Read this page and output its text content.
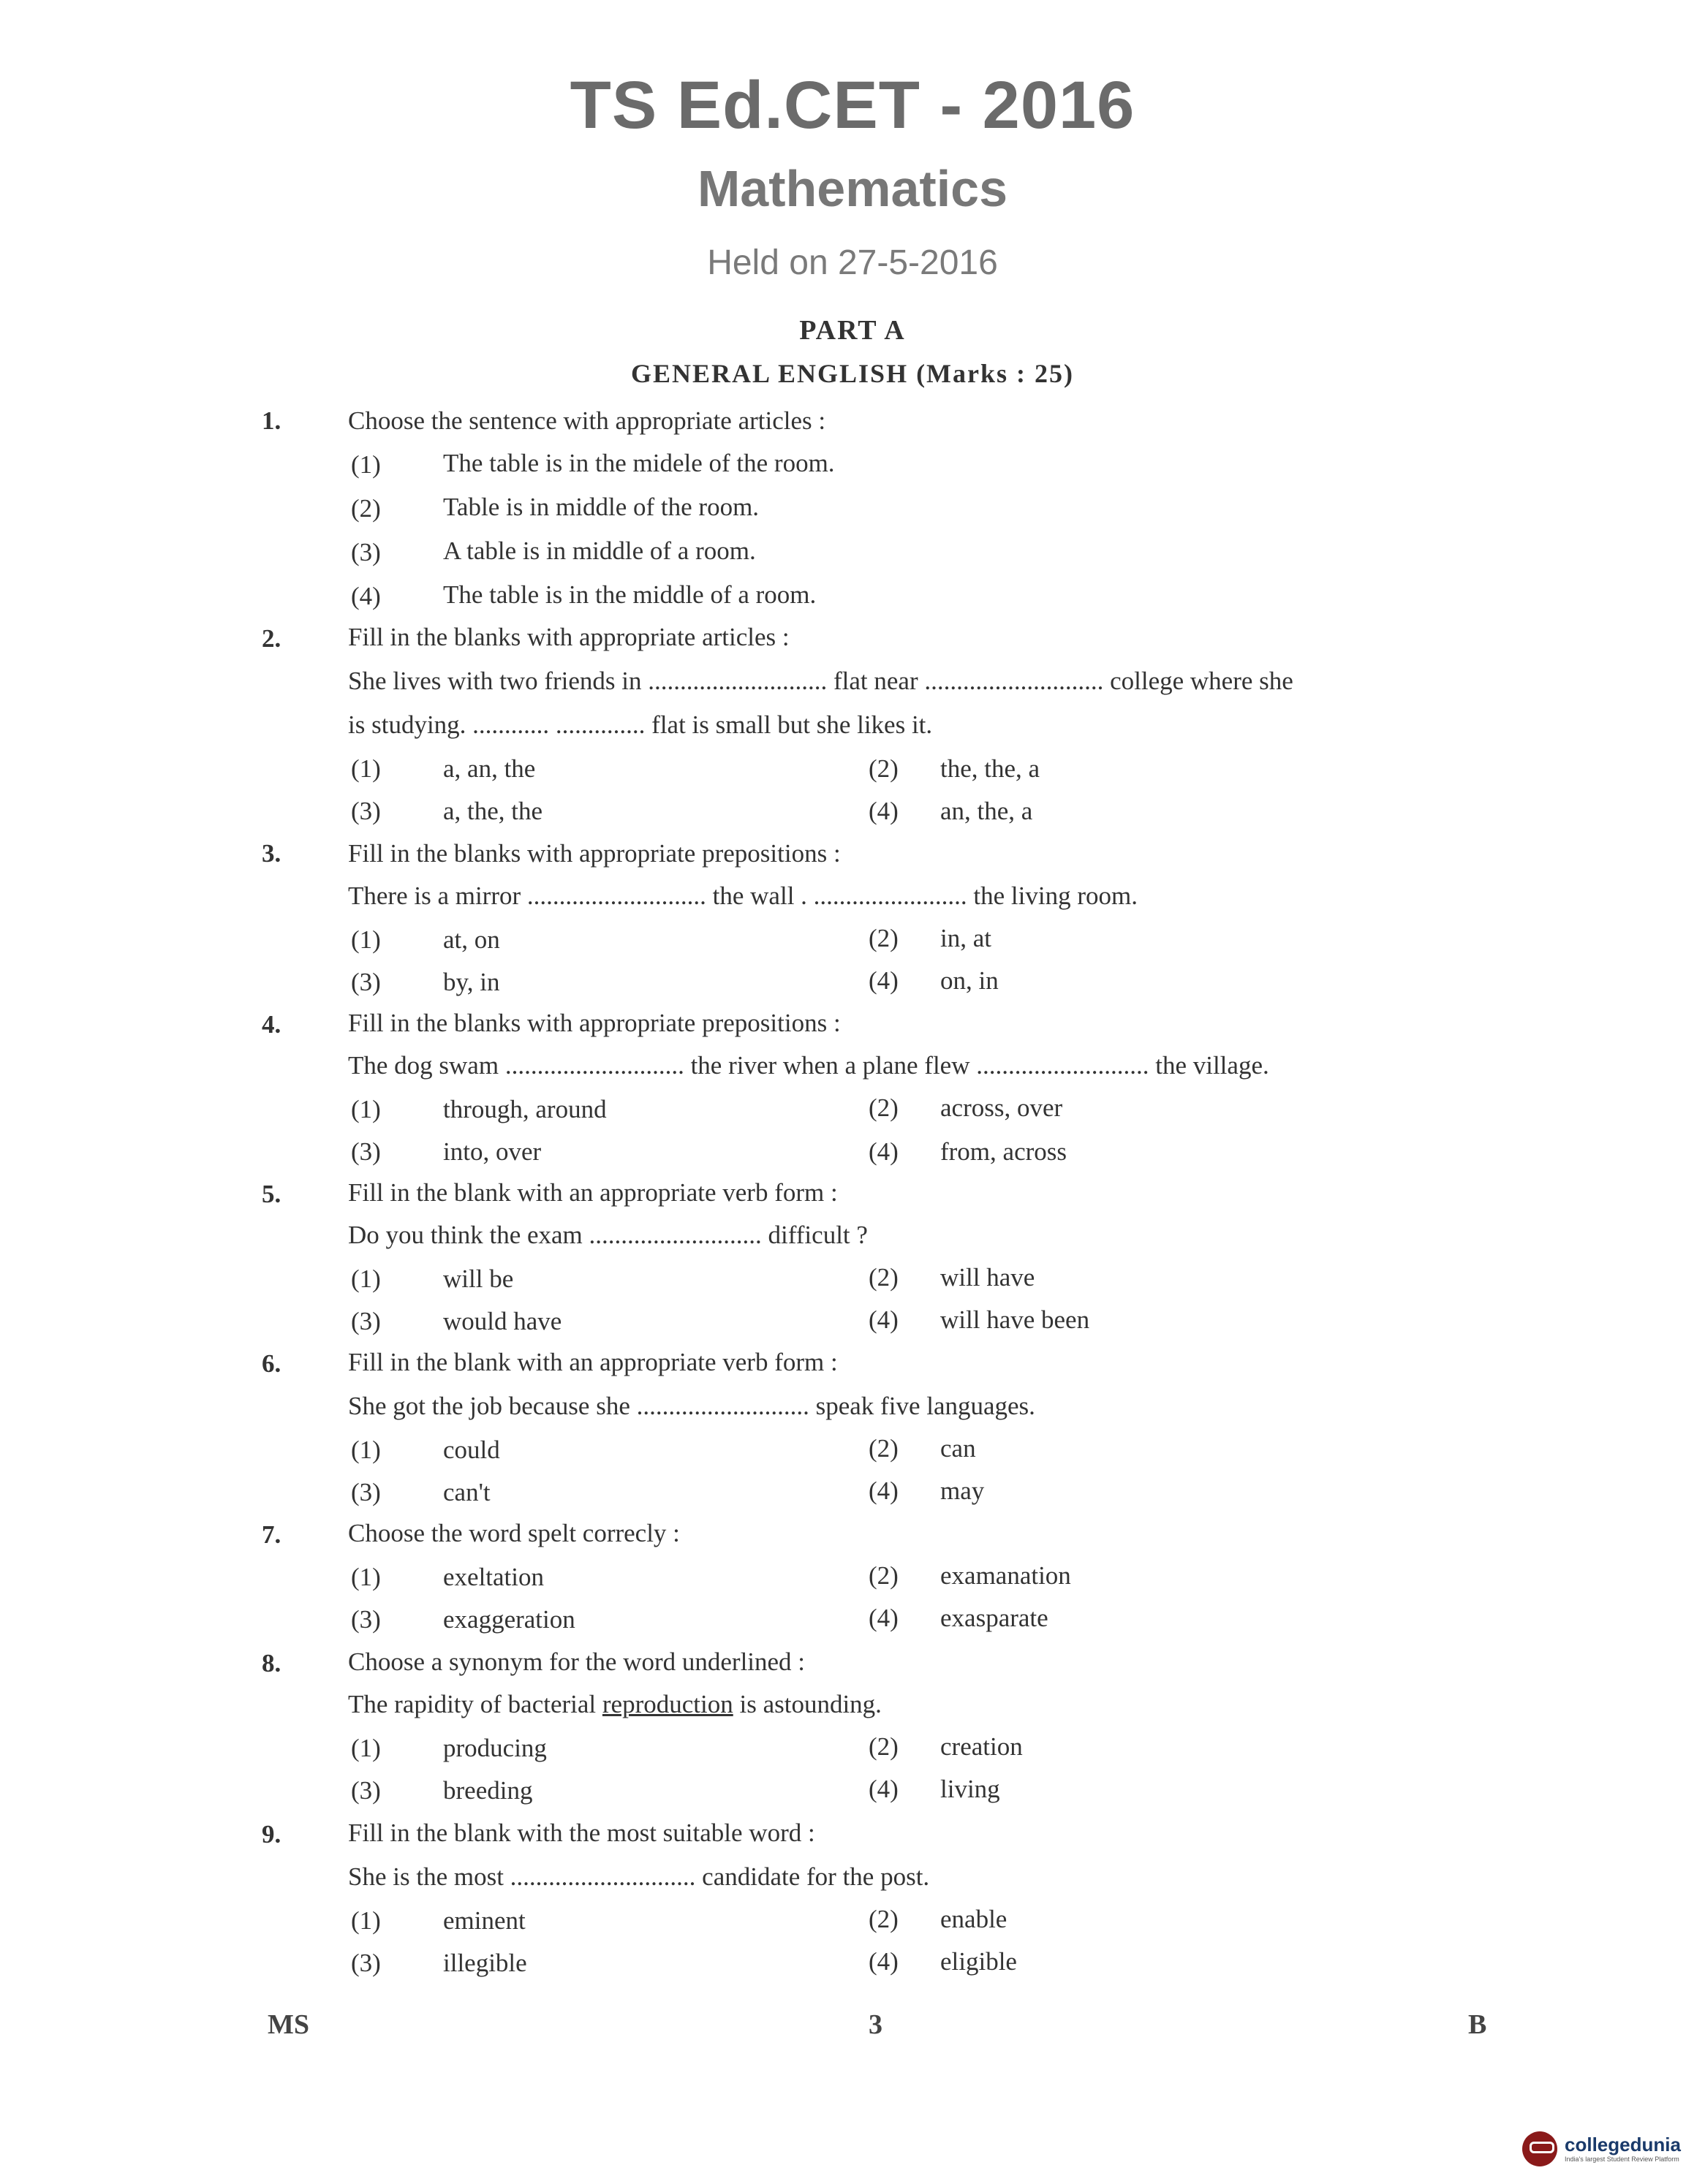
TS Ed.CET - 2016
Mathematics
Held on 27-5-2016
PART A
GENERAL ENGLISH (Marks : 25)
1.	Choose the sentence with appropriate articles :
(1) The table is in the midele of the room.
(2) Table is in middle of the room.
(3) A table is in middle of a room.
(4) The table is in the middle of a room.
2.	Fill in the blanks with appropriate articles :
She lives with two friends in ............................ flat near ............................ college where she
is studying. ............ .............. flat is small but she likes it.
(1) a, an, the	(2) the, the, a
(3) a, the, the	(4) an, the, a
3.	Fill in the blanks with appropriate prepositions :
There is a mirror ............................ the wall . ........................ the living room.
(1) at, on	(2) in, at
(3) by, in	(4) on, in
4.	Fill in the blanks with appropriate prepositions :
The dog swam ............................ the river when a plane flew ........................... the village.
(1) through, around	(2) across, over
(3) into, over	(4) from, across
5.	Fill in the blank with an appropriate verb form :
Do you think the exam ........................... difficult ?
(1) will be	(2) will have
(3) would have	(4) will have been
6.	Fill in the blank with an appropriate verb form :
She got the job because she ........................... speak five languages.
(1) could	(2) can
(3) can't	(4) may
7.	Choose the word spelt correcly :
(1) exeltation	(2) examanation
(3) exaggeration	(4) exasparate
8.	Choose a synonym for the word underlined :
The rapidity of bacterial reproduction is astounding.
(1) producing	(2) creation
(3) breeding	(4) living
9.	Fill in the blank with the most suitable word :
She is the most ............................. candidate for the post.
(1) eminent	(2) enable
(3) illegible	(4) eligible
MS	3	B
collegedunia
India's largest Student Review Platform
